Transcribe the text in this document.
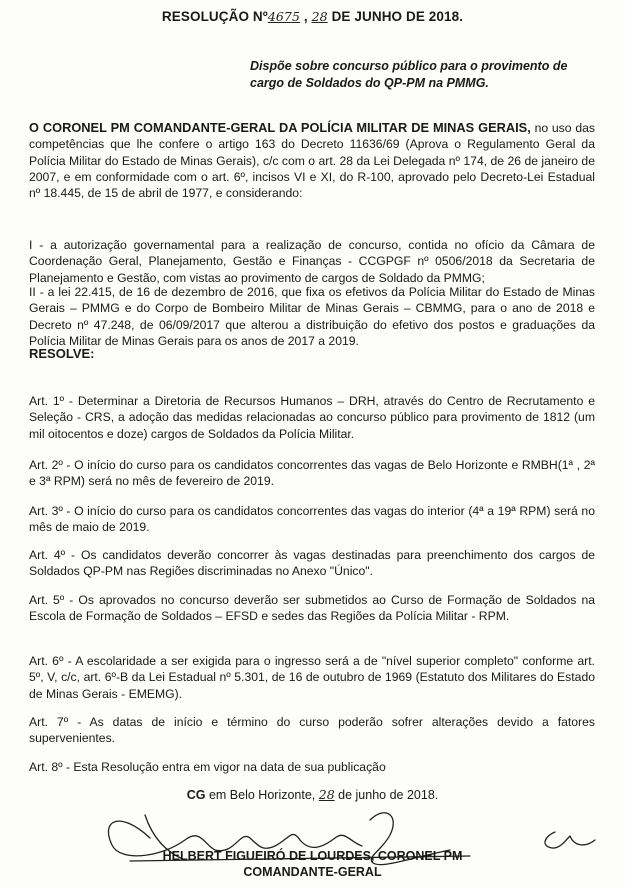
RESOLUÇÃO Nº4675 , 28 DE JUNHO DE 2018.
Dispõe sobre concurso público para o provimento de cargo de Soldados do QP-PM na PMMG.
O CORONEL PM COMANDANTE-GERAL DA POLÍCIA MILITAR DE MINAS GERAIS, no uso das competências que lhe confere o artigo 163 do Decreto 11636/69 (Aprova o Regulamento Geral da Polícia Militar do Estado de Minas Gerais), c/c com o art. 28 da Lei Delegada nº 174, de 26 de janeiro de 2007, e em conformidade com o art. 6º, incisos VI e XI, do R-100, aprovado pelo Decreto-Lei Estadual nº 18.445, de 15 de abril de 1977, e considerando:
I - a autorização governamental para a realização de concurso, contida no ofício da Câmara de Coordenação Geral, Planejamento, Gestão e Finanças - CCGPGF nº 0506/2018 da Secretaria de Planejamento e Gestão, com vistas ao provimento de cargos de Soldado da PMMG;
II - a lei 22.415, de 16 de dezembro de 2016, que fixa os efetivos da Polícia Militar do Estado de Minas Gerais – PMMG e do Corpo de Bombeiro Militar de Minas Gerais – CBMMG, para o ano de 2018 e Decreto nº 47.248, de 06/09/2017 que alterou a distribuição do efetivo dos postos e graduações da Polícia Militar de Minas Gerais para os anos de 2017 a 2019.
RESOLVE:
Art. 1º - Determinar a Diretoria de Recursos Humanos – DRH, através do Centro de Recrutamento e Seleção - CRS, a adoção das medidas relacionadas ao concurso público para provimento de 1812 (um mil oitocentos e doze) cargos de Soldados da Polícia Militar.
Art. 2º - O início do curso para os candidatos concorrentes das vagas de Belo Horizonte e RMBH(1ª , 2ª e 3ª RPM) será no mês de fevereiro de 2019.
Art. 3º - O início do curso para os candidatos concorrentes das vagas do interior (4ª a 19ª RPM) será no mês de maio de 2019.
Art. 4º - Os candidatos deverão concorrer às vagas destinadas para preenchimento dos cargos de Soldados QP-PM nas Regiões discriminadas no Anexo "Único".
Art. 5º - Os aprovados no concurso deverão ser submetidos ao Curso de Formação de Soldados na Escola de Formação de Soldados – EFSD e sedes das Regiões da Polícia Militar - RPM.
Art. 6º - A escolaridade a ser exigida para o ingresso será a de "nível superior completo" conforme art. 5º, V, c/c, art. 6º-B da Lei Estadual nº 5.301, de 16 de outubro de 1969 (Estatuto dos Militares do Estado de Minas Gerais - EMEMG).
Art. 7º - As datas de início e término do curso poderão sofrer alterações devido a fatores supervenientes.
Art. 8º - Esta Resolução entra em vigor na data de sua publicação
CG em Belo Horizonte, 28 de junho de 2018.
HELBERT FIGUEIRÓ DE LOURDES, CORONEL PM
COMANDANTE-GERAL
